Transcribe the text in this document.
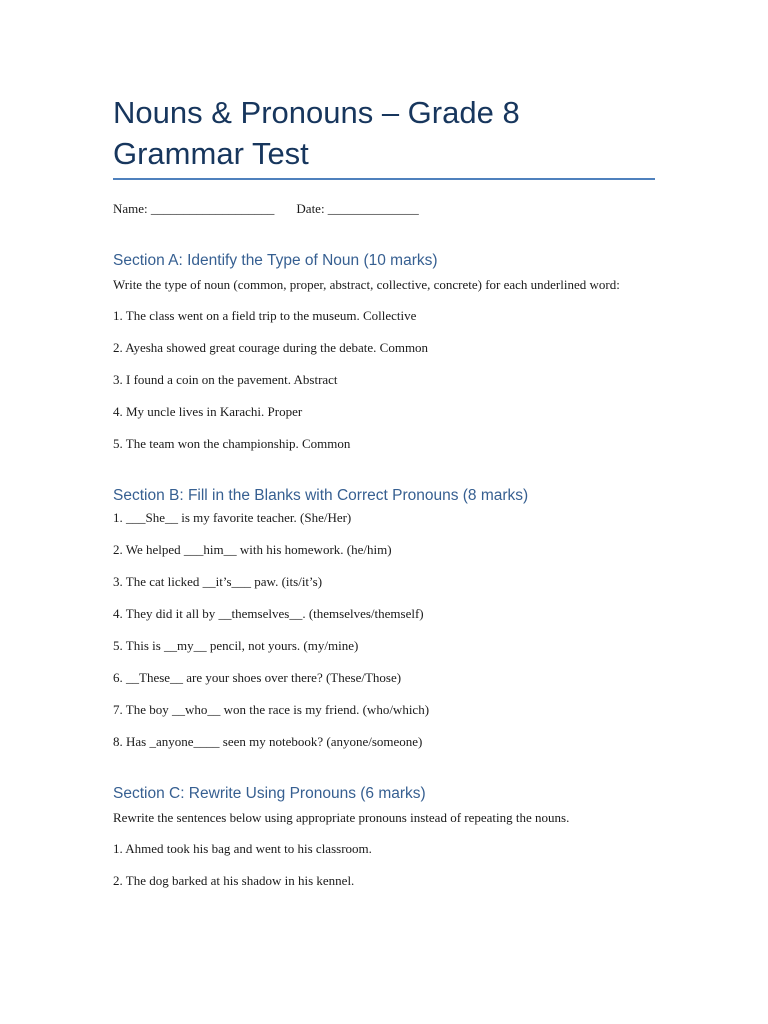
Nouns & Pronouns – Grade 8 Grammar Test
Name: ___________________ Date: ______________
Section A: Identify the Type of Noun (10 marks)

Write the type of noun (common, proper, abstract, collective, concrete) for each underlined word:

1. The class went on a field trip to the museum. Collective

2. Ayesha showed great courage during the debate. Common

3. I found a coin on the pavement. Abstract

4. My uncle lives in Karachi. Proper

5. The team won the championship. Common

Section B: Fill in the Blanks with Correct Pronouns (8 marks)

1. ___She__ is my favorite teacher. (She/Her)

2. We helped ___him__ with his homework. (he/him)

3. The cat licked __it’s___ paw. (its/it’s)

4. They did it all by __themselves__. (themselves/themself)

5. This is __my__ pencil, not yours. (my/mine)

6. __These__ are your shoes over there? (These/Those)

7. The boy __who__ won the race is my friend. (who/which)

8. Has _anyone____ seen my notebook? (anyone/someone)

Section C: Rewrite Using Pronouns (6 marks)

Rewrite the sentences below using appropriate pronouns instead of repeating the nouns.

1. Ahmed took his bag and went to his classroom.

2. The dog barked at his shadow in his kennel.
